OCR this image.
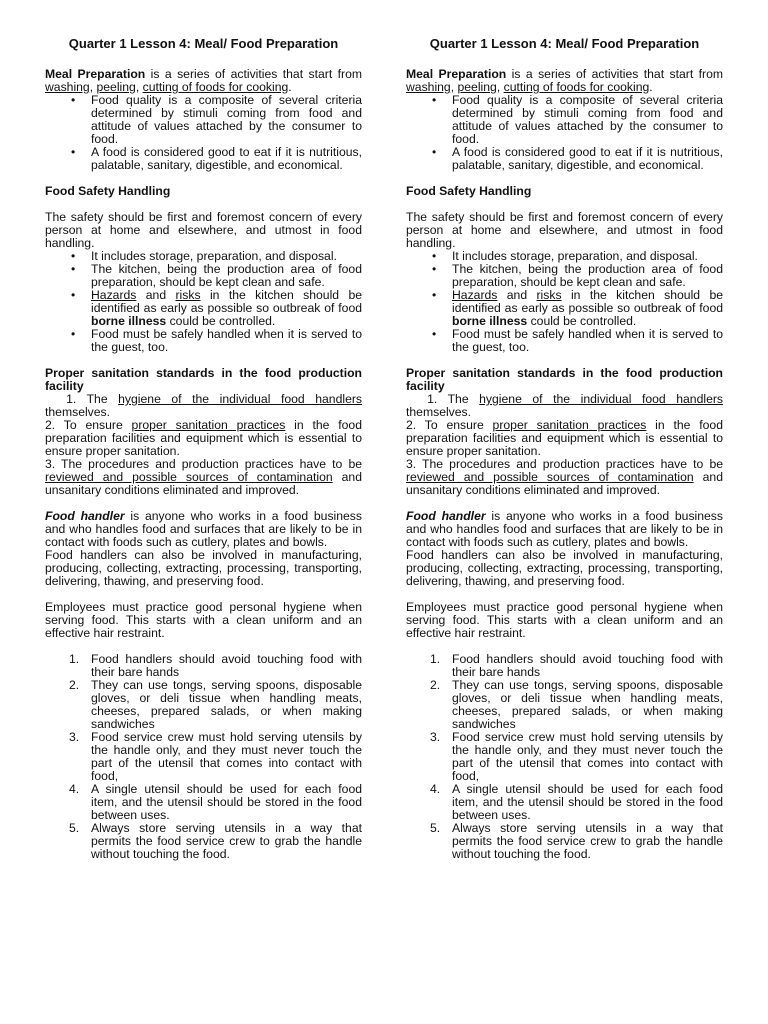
Quarter 1 Lesson 4: Meal/ Food Preparation

Meal Preparation is a series of activities that start from washing, peeling, cutting of foods for cooking.

• Food quality is a composite of several criteria determined by stimuli coming from food and attitude of values attached by the consumer to food.
• A food is considered good to eat if it is nutritious, palatable, sanitary, digestible, and economical.

Food Safety Handling

The safety should be first and foremost concern of every person at home and elsewhere, and utmost in food handling.

• It includes storage, preparation, and disposal.
• The kitchen, being the production area of food preparation, should be kept clean and safe.
• Hazards and risks in the kitchen should be identified as early as possible so outbreak of food borne illness could be controlled.
• Food must be safely handled when it is served to the guest, too.

Proper sanitation standards in the food production facility

1. The hygiene of the individual food handlers themselves.

2. To ensure proper sanitation practices in the food preparation facilities and equipment which is essential to ensure proper sanitation.

3. The procedures and production practices have to be reviewed and possible sources of contamination and unsanitary conditions eliminated and improved.

Food handler is anyone who works in a food business and who handles food and surfaces that are likely to be in contact with foods such as cutlery, plates and bowls.

Food handlers can also be involved in manufacturing, producing, collecting, extracting, processing, transporting, delivering, thawing, and preserving food.

Employees must practice good personal hygiene when serving food. This starts with a clean uniform and an effective hair restraint.

1. Food handlers should avoid touching food with their bare hands
2. They can use tongs, serving spoons, disposable gloves, or deli tissue when handling meats, cheeses, prepared salads, or when making sandwiches
3. Food service crew must hold serving utensils by the handle only, and they must never touch the part of the utensil that comes into contact with food,
4. A single utensil should be used for each food item, and the utensil should be stored in the food between uses.
5. Always store serving utensils in a way that permits the food service crew to grab the handle without touching the food.
Quarter 1 Lesson 4: Meal/ Food Preparation

Meal Preparation is a series of activities that start from washing, peeling, cutting of foods for cooking.

• Food quality is a composite of several criteria determined by stimuli coming from food and attitude of values attached by the consumer to food.
• A food is considered good to eat if it is nutritious, palatable, sanitary, digestible, and economical.

Food Safety Handling

The safety should be first and foremost concern of every person at home and elsewhere, and utmost in food handling.

• It includes storage, preparation, and disposal.
• The kitchen, being the production area of food preparation, should be kept clean and safe.
• Hazards and risks in the kitchen should be identified as early as possible so outbreak of food borne illness could be controlled.
• Food must be safely handled when it is served to the guest, too.

Proper sanitation standards in the food production facility

1. The hygiene of the individual food handlers themselves.

2. To ensure proper sanitation practices in the food preparation facilities and equipment which is essential to ensure proper sanitation.

3. The procedures and production practices have to be reviewed and possible sources of contamination and unsanitary conditions eliminated and improved.

Food handler is anyone who works in a food business and who handles food and surfaces that are likely to be in contact with foods such as cutlery, plates and bowls.

Food handlers can also be involved in manufacturing, producing, collecting, extracting, processing, transporting, delivering, thawing, and preserving food.

Employees must practice good personal hygiene when serving food. This starts with a clean uniform and an effective hair restraint.

1. Food handlers should avoid touching food with their bare hands
2. They can use tongs, serving spoons, disposable gloves, or deli tissue when handling meats, cheeses, prepared salads, or when making sandwiches
3. Food service crew must hold serving utensils by the handle only, and they must never touch the part of the utensil that comes into contact with food,
4. A single utensil should be used for each food item, and the utensil should be stored in the food between uses.
5. Always store serving utensils in a way that permits the food service crew to grab the handle without touching the food.
